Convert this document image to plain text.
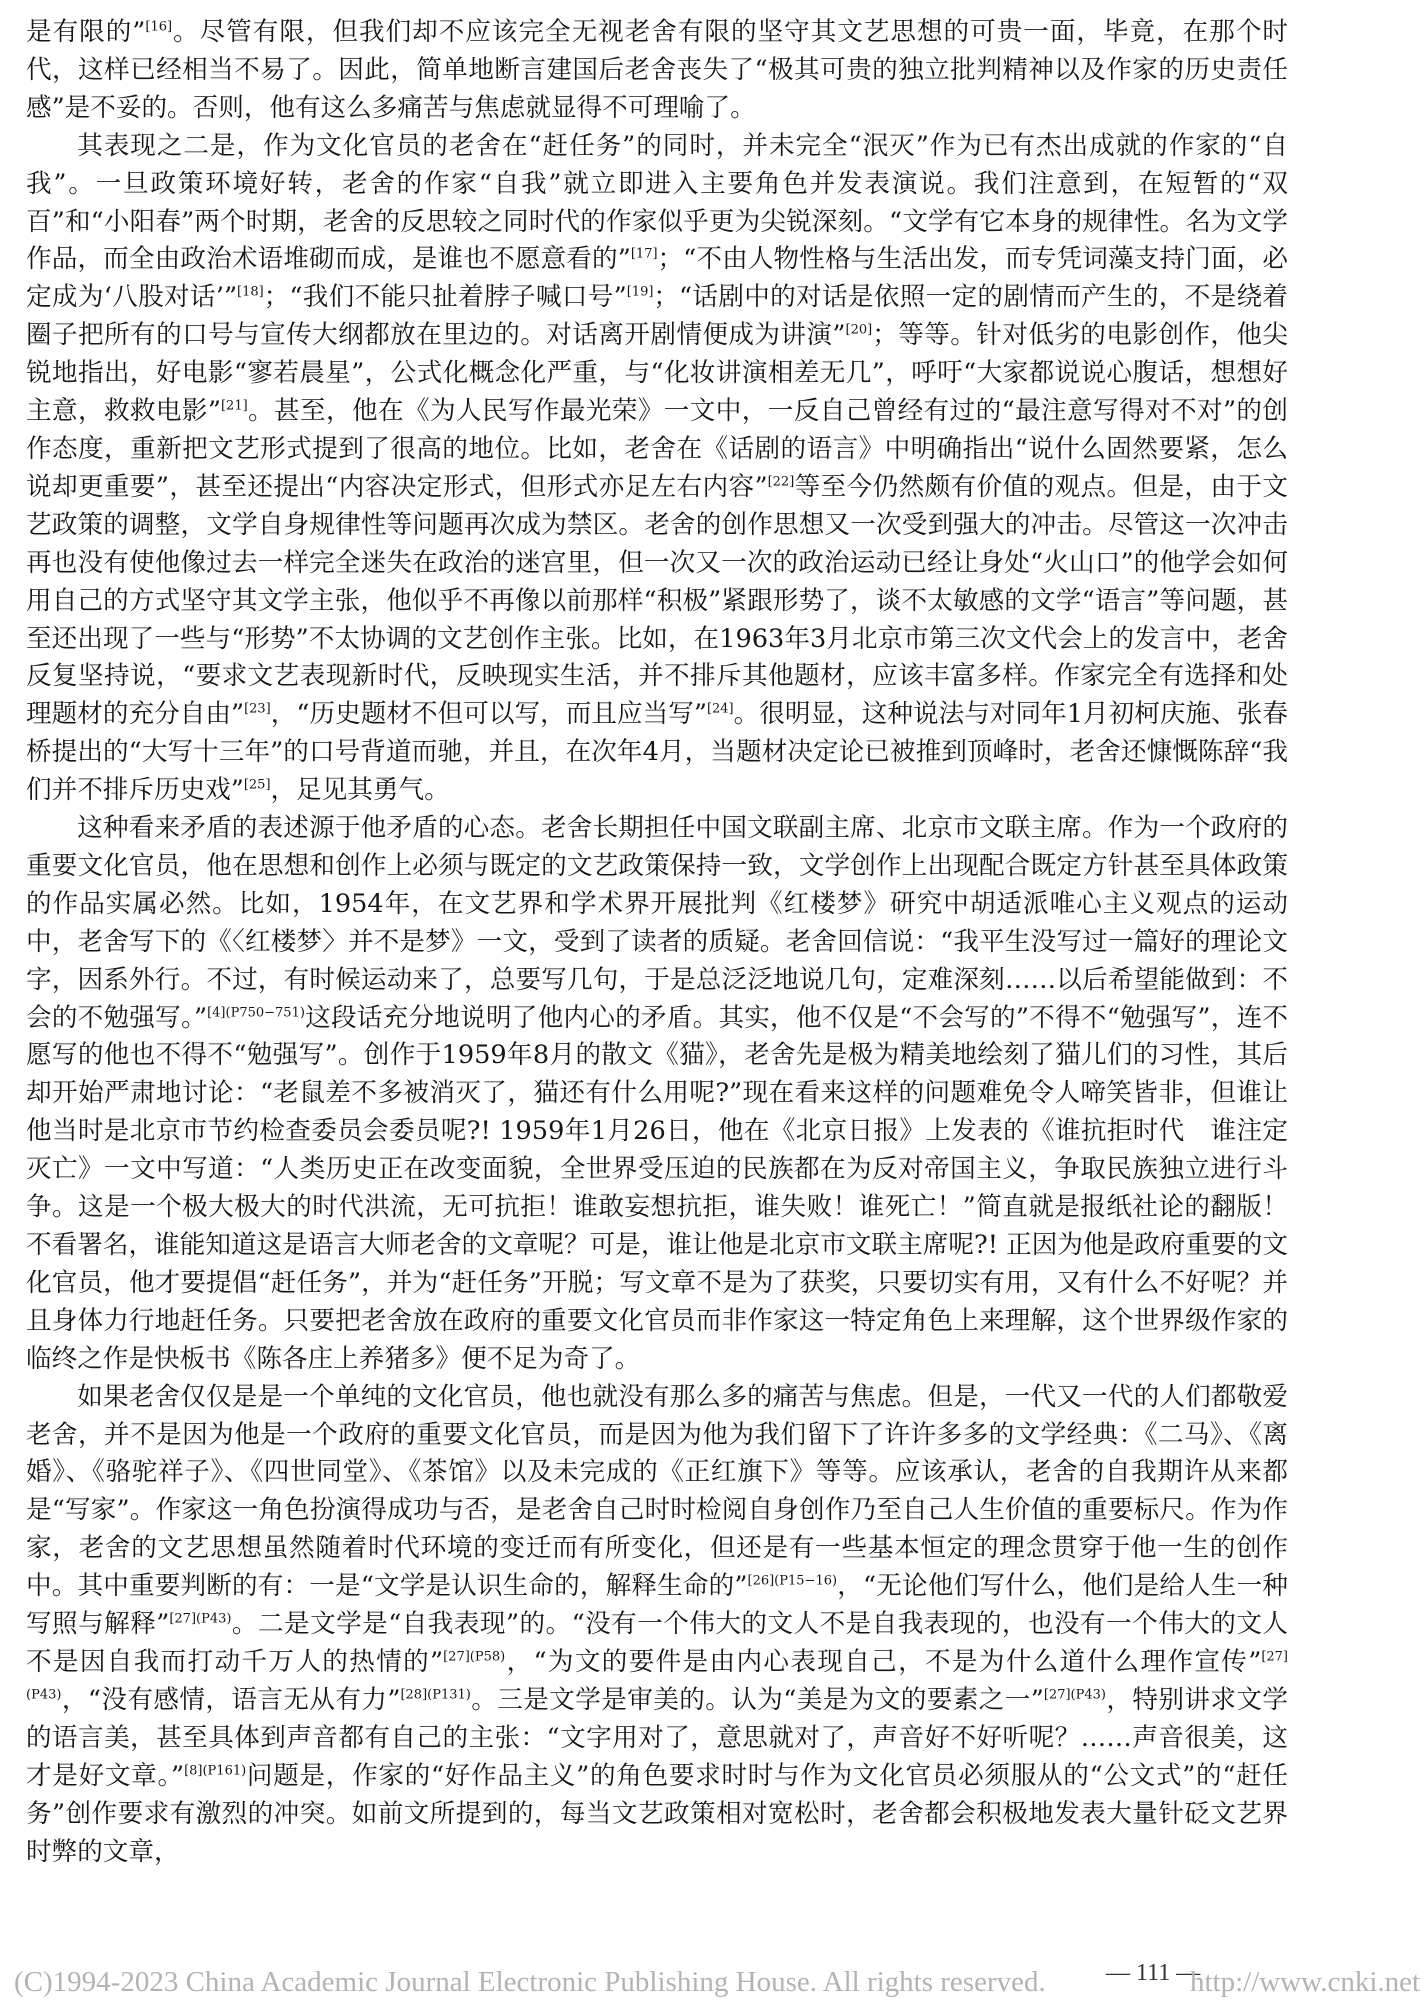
是有限的”[16]。尽管有限，但我们却不应该完全无视老舍有限的坚守其文艺思想的可贵一面，毕竟，在那个时代，这样已经相当不易了。因此，简单地断言建国后老舍丧失了“极其可贵的独立批判精神以及作家的历史责任感”是不妥的。否则，他有这么多痛苦与焦虑就显得不可理喻了。

其表现之二是，作为文化官员的老舍在“赶任务”的同时，并未完全“泯灭”作为已有杰出成就的作家的“自我”。一旦政策环境好转，老舍的作家“自我”就立即进入主要角色并发表演说。我们注意到，在短暂的“双百”和“小阳春”两个时期，老舍的反思较之同时代的作家似乎更为尖锐深刻。“文学有它本身的规律性。名为文学作品，而全由政治术语堆砌而成，是谁也不愿意看的”[17]；“不由人物性格与生活出发，而专凭词藻支持门面，必定成为‘八股对话’”[18]；“我们不能只扯着脖子喊口号”[19]；“话剧中的对话是依照一定的剧情而产生的，不是绕着圈子把所有的口号与宣传大纲都放在里边的。对话离开剧情便成为讲演”[20]；等等。针对低劣的电影创作，他尖锐地指出，好电影“寥若晨星”，公式化概念化严重，与“化妆讲演相差无几”，呼吁“大家都说说心腹话，想想好主意，救救电影”[21]。甚至，他在《为人民写作最光荣》一文中，一反自己曾经有过的“最注意写得对不对”的创作态度，重新把文艺形式提到了很高的地位。比如，老舍在《话剧的语言》中明确指出“说什么固然要紧，怎么说却更重要”，甚至还提出“内容决定形式，但形式亦足左右内容”[22]等至今仍然颇有价值的观点。但是，由于文艺政策的调整，文学自身规律性等问题再次成为禁区。老舍的创作思想又一次受到强大的冲击。尽管这一次冲击再也没有使他像过去一样完全迷失在政治的迷宫里，但一次又一次的政治运动已经让身处“火山口”的他学会如何用自己的方式坚守其文学主张，他似乎不再像以前那样“积极”紧跟形势了，谈不太敏感的文学“语言”等问题，甚至还出现了一些与“形势”不太协调的文艺创作主张。比如，在1963年3月北京市第三次文代会上的发言中，老舍反复坚持说，“要求文艺表现新时代，反映现实生活，并不排斥其他题材，应该丰富多样。作家完全有选择和处理题材的充分自由”[23]，“历史题材不但可以写，而且应当写”[24]。很明显，这种说法与对同年1月初柯庆施、张春桥提出的“大写十三年”的口号背道而驰，并且，在次年4月，当题材决定论已被推到顶峰时，老舍还慷慨陈辞“我们并不排斥历史戏”[25]，足见其勇气。

这种看来矛盾的表述源于他矛盾的心态。老舍长期担任中国文联副主席、北京市文联主席。作为一个政府的重要文化官员，他在思想和创作上必须与既定的文艺政策保持一致，文学创作上出现配合既定方针甚至具体政策的作品实属必然。比如，1954年，在文艺界和学术界开展批判《红楼梦》研究中胡适派唯心主义观点的运动中，老舍写下的《〈红楼梦〉并不是梦》一文，受到了读者的质疑。老舍回信说：“我平生没写过一篇好的理论文字，因系外行。不过，有时候运动来了，总要写几句，于是总泛泛地说几句，定难深刻……以后希望能做到：不会的不勉强写。”$^{[4](P750-751)}$这段话充分地说明了他内心的矛盾。其实，他不仅是“不会写的”不得不“勉强写”，连不愿写的他也不得不“勉强写”。创作于1959年8月的散文《猫》，老舍先是极为精美地绘刻了猫儿们的习性，其后却开始严肃地讨论：“老鼠差不多被消灭了，猫还有什么用呢?”现在看来这样的问题难免令人啼笑皆非，但谁让他当时是北京市节约检查委员会委员呢?! 1959年1月26日，他在《北京日报》上发表的《谁抗拒时代　谁注定灭亡》一文中写道：“人类历史正在改变面貌，全世界受压迫的民族都在为反对帝国主义，争取民族独立进行斗争。这是一个极大极大的时代洪流，无可抗拒！谁敢妄想抗拒，谁失败！谁死亡！”简直就是报纸社论的翻版！不看署名，谁能知道这是语言大师老舍的文章呢？可是，谁让他是北京市文联主席呢?! 正因为他是政府重要的文化官员，他才要提倡“赶任务”，并为“赶任务”开脱；写文章不是为了获奖，只要切实有用，又有什么不好呢？并且身体力行地赶任务。只要把老舍放在政府的重要文化官员而非作家这一特定角色上来理解，这个世界级作家的临终之作是快板书《陈各庄上养猪多》便不足为奇了。

如果老舍仅仅是是一个单纯的文化官员，他也就没有那么多的痛苦与焦虑。但是，一代又一代的人们都敬爱老舍，并不是因为他是一个政府的重要文化官员，而是因为他为我们留下了许许多多的文学经典：《二马》、《离婚》、《骆驼祥子》、《四世同堂》、《茶馆》以及未完成的《正红旗下》等等。应该承认，老舍的自我期许从来都是“写家”。作家这一角色扮演得成功与否，是老舍自己时时检阅自身创作乃至自己人生价值的重要标尺。作为作家，老舍的文艺思想虽然随着时代环境的变迁而有所变化，但还是有一些基本恒定的理念贯穿于他一生的创作中。其中重要判断的有：一是“文学是认识生命的，解释生命的”$^{[26](P15-16)}$，“无论他们写什么，他们是给人生一种写照与解释”$^{[27](P43)}$。二是文学是“自我表现”的。“没有一个伟大的文人不是自我表现的，也没有一个伟大的文人不是因自我而打动千万人的热情的”$^{[27](P58)}$，“为文的要件是由内心表现自己，不是为什么道什么理作宣传”$^{[27](P43)}$，“没有感情，语言无从有力”$^{[28](P131)}$。三是文学是审美的。认为“美是为文的要素之一”$^{[27](P43)}$，特别讲求文学的语言美，甚至具体到声音都有自己的主张：“文字用对了，意思就对了，声音好不好听呢？……声音很美，这才是好文章。”$^{[8](P161)}$问题是，作家的“好作品主义”的角色要求时时与作为文化官员必须服从的“公文式”的“赶任务”创作要求有激烈的冲突。如前文所提到的，每当文艺政策相对宽松时，老舍都会积极地发表大量针砭文艺界时弊的文章，

(C)1994-2023 China Academic Journal Electronic Publishing House. All rights reserved.
—	111 — http://www.cnki.net
